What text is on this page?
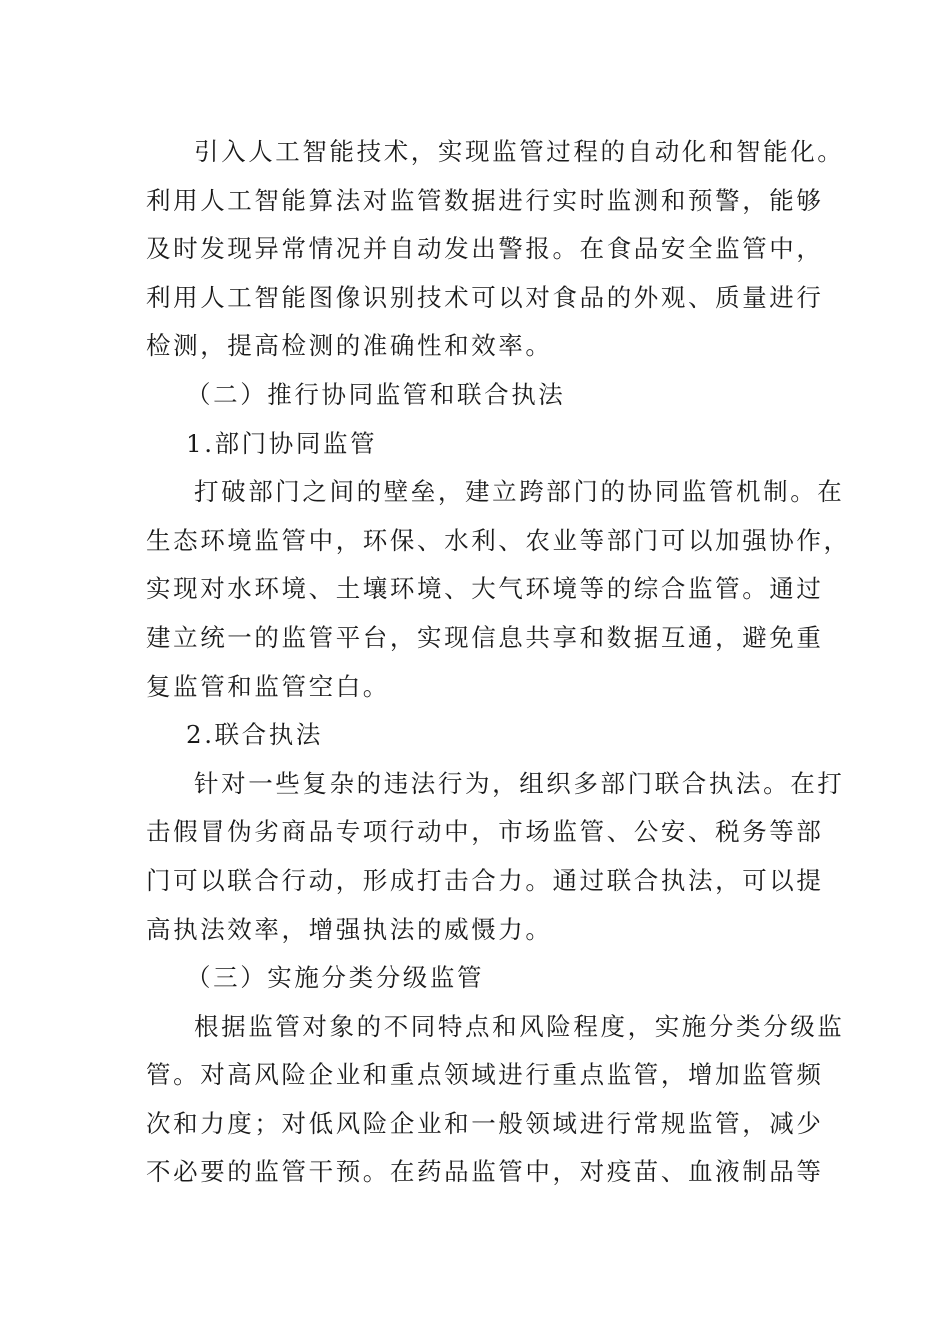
引入人工智能技术，实现监管过程的自动化和智能化。
利用人工智能算法对监管数据进行实时监测和预警，能够
及时发现异常情况并自动发出警报。在食品安全监管中，
利用人工智能图像识别技术可以对食品的外观、质量进行
检测，提高检测的准确性和效率。
（二）推行协同监管和联合执法
1.部门协同监管
打破部门之间的壁垒，建立跨部门的协同监管机制。在
生态环境监管中，环保、水利、农业等部门可以加强协作，
实现对水环境、土壤环境、大气环境等的综合监管。通过
建立统一的监管平台，实现信息共享和数据互通，避免重
复监管和监管空白。
2.联合执法
针对一些复杂的违法行为，组织多部门联合执法。在打
击假冒伪劣商品专项行动中，市场监管、公安、税务等部
门可以联合行动，形成打击合力。通过联合执法，可以提
高执法效率，增强执法的威慑力。
（三）实施分类分级监管
根据监管对象的不同特点和风险程度，实施分类分级监
管。对高风险企业和重点领域进行重点监管，增加监管频
次和力度；对低风险企业和一般领域进行常规监管，减少
不必要的监管干预。在药品监管中，对疫苗、血液制品等
